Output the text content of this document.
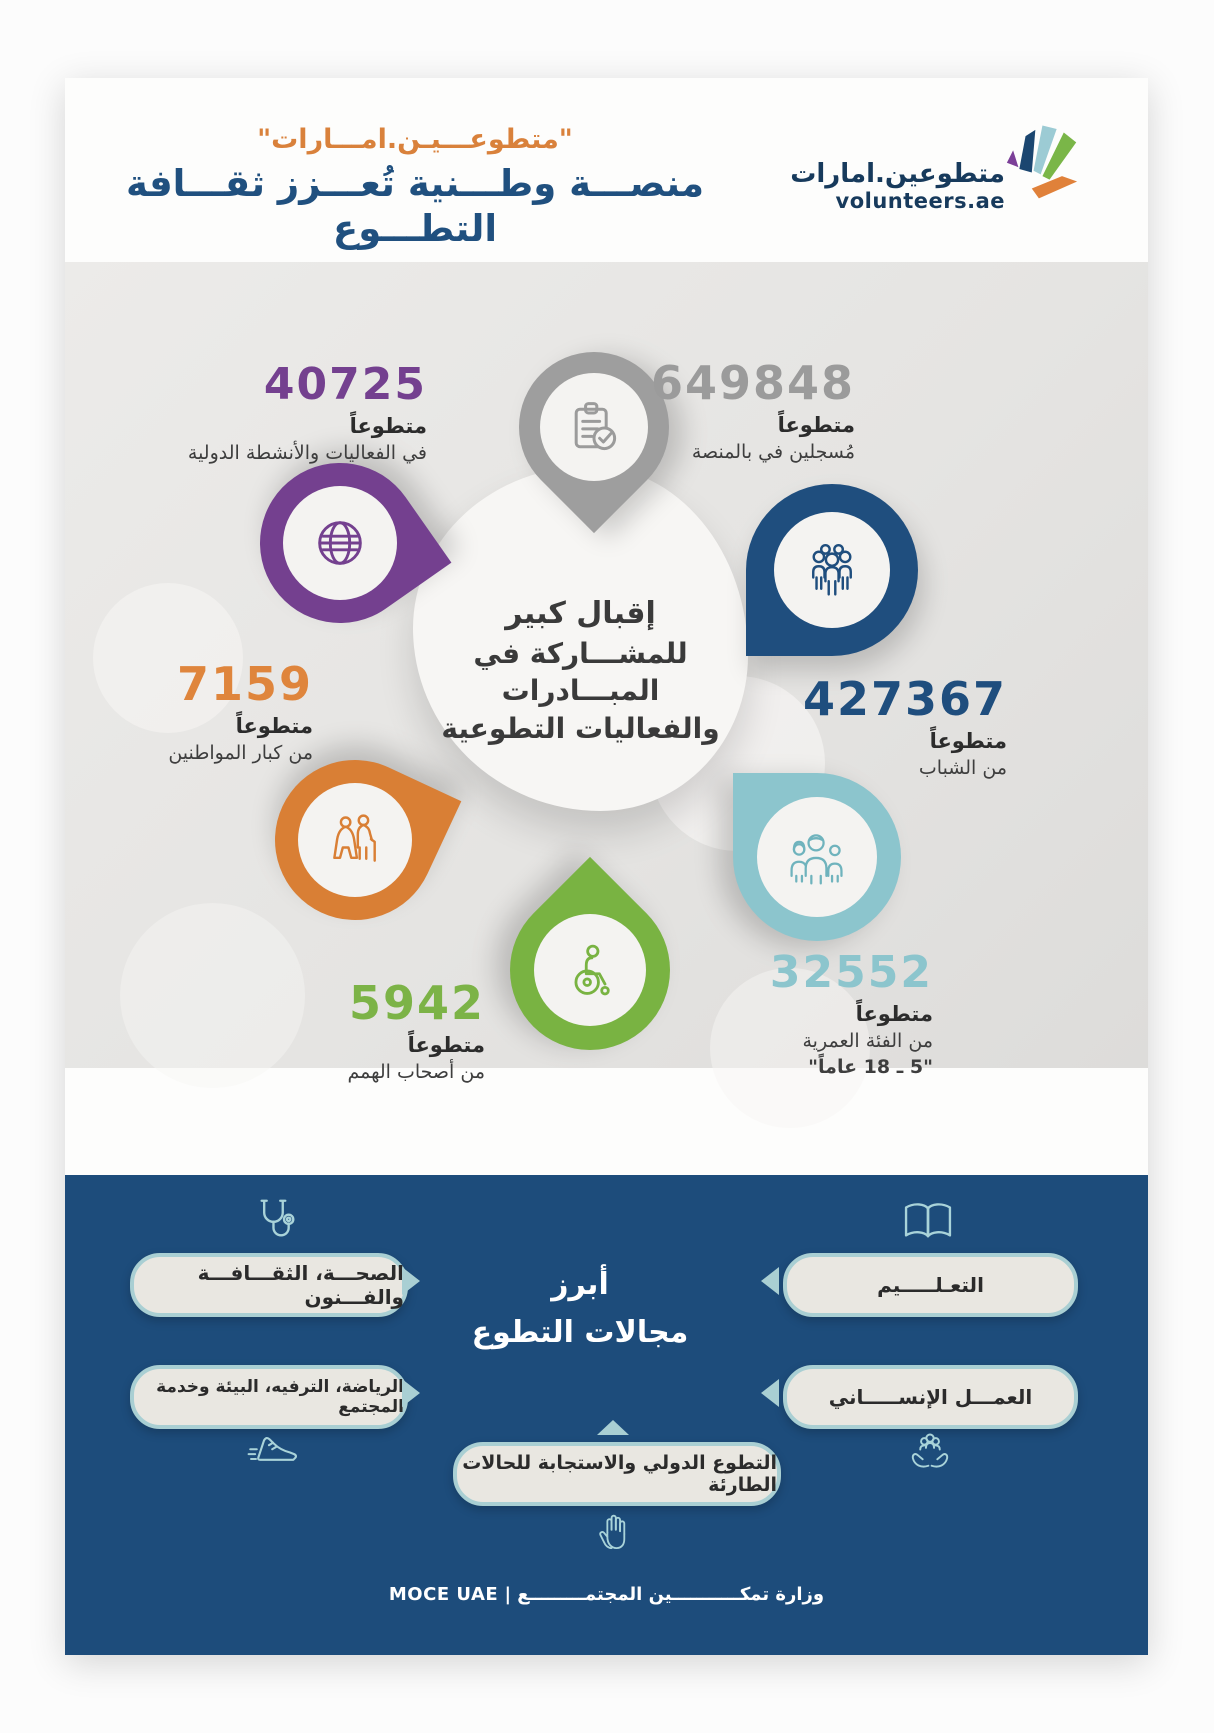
"متطوعـــيـن.امـــارات"
منصـــة وطـــنية تُعـــزز ثقـــافة التطـــوع
متطوعين.امارات
volunteers.ae
إقبال كبير
للمشـــاركة في المبـــادرات
والفعاليات التطوعية
649848
متطوعاً
مُسجلين في بالمنصة
40725
متطوعاً
في الفعاليات والأنشطة الدولية
427367
متطوعاً
من الشباب
7159
متطوعاً
من كبار المواطنين
32552
متطوعاً
من الفئة العمرية
"5 ـ 18 عاماً"
5942
متطوعاً
من أصحاب الهمم
الصحـــة، الثقـــافـــة والفـــنون	التعـلـــــيم
أبرز
مجالات التطوع
الرياضة، الترفيه، البيئة وخدمة المجتمع	العمـــل الإنســـــاني
التطوع الدولي والاستجابة للحالات الطارئة
وزارة تمكـــــــــــين المجتمـــــــــع | MOCE UAE
